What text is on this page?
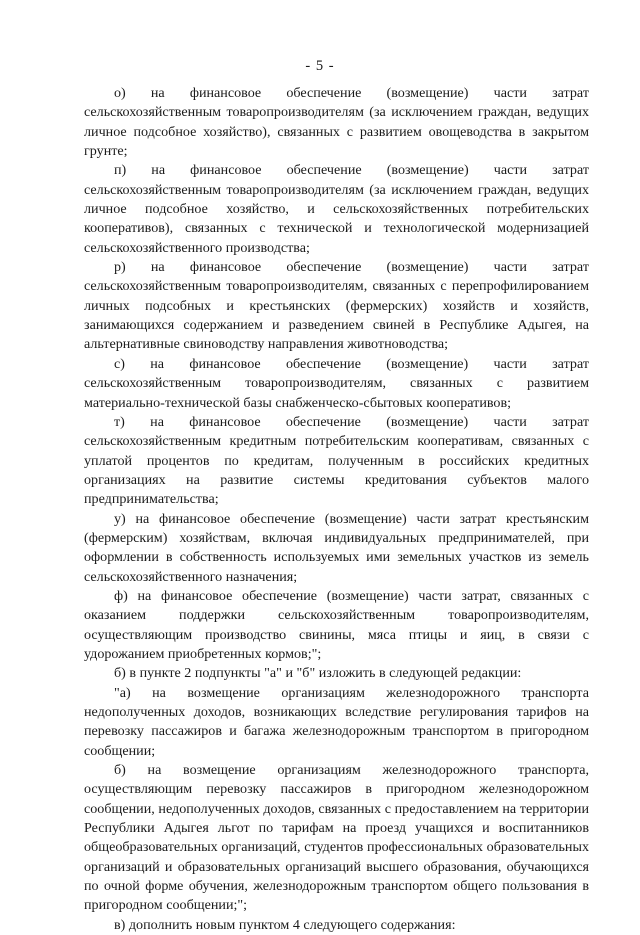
- 5 -

о) на финансовое обеспечение (возмещение) части затрат сельскохозяйственным товаропроизводителям (за исключением граждан, ведущих личное подсобное хозяйство), связанных с развитием овощеводства в закрытом грунте;

п) на финансовое обеспечение (возмещение) части затрат сельскохозяйственным товаропроизводителям (за исключением граждан, ведущих личное подсобное хозяйство, и сельскохозяйственных потребительских кооперативов), связанных с технической и технологической модернизацией сельскохозяйственного производства;

р) на финансовое обеспечение (возмещение) части затрат сельскохозяйственным товаропроизводителям, связанных с перепрофилированием личных подсобных и крестьянских (фермерских) хозяйств и хозяйств, занимающихся содержанием и разведением свиней в Республике Адыгея, на альтернативные свиноводству направления животноводства;

с) на финансовое обеспечение (возмещение) части затрат сельскохозяйственным товаропроизводителям, связанных с развитием материально-технической базы снабженческо-сбытовых кооперативов;

т) на финансовое обеспечение (возмещение) части затрат сельскохозяйственным кредитным потребительским кооперативам, связанных с уплатой процентов по кредитам, полученным в российских кредитных организациях на развитие системы кредитования субъектов малого предпринимательства;

у) на финансовое обеспечение (возмещение) части затрат крестьянским (фермерским) хозяйствам, включая индивидуальных предпринимателей, при оформлении в собственность используемых ими земельных участков из земель сельскохозяйственного назначения;

ф) на финансовое обеспечение (возмещение) части затрат, связанных с оказанием поддержки сельскохозяйственным товаропроизводителям, осуществляющим производство свинины, мяса птицы и яиц, в связи с удорожанием приобретенных кормов;";

б) в пункте 2 подпункты "а" и "б" изложить в следующей редакции:

"а) на возмещение организациям железнодорожного транспорта недополученных доходов, возникающих вследствие регулирования тарифов на перевозку пассажиров и багажа железнодорожным транспортом в пригородном сообщении;

б) на возмещение организациям железнодорожного транспорта, осуществляющим перевозку пассажиров в пригородном железнодорожном сообщении, недополученных доходов, связанных с предоставлением на территории Республики Адыгея льгот по тарифам на проезд учащихся и воспитанников общеобразовательных организаций, студентов профессиональных образовательных организаций и образовательных организаций высшего образования, обучающихся по очной форме обучения, железнодорожным транспортом общего пользования в пригородном сообщении;";

в) дополнить новым пунктом 4 следующего содержания:
